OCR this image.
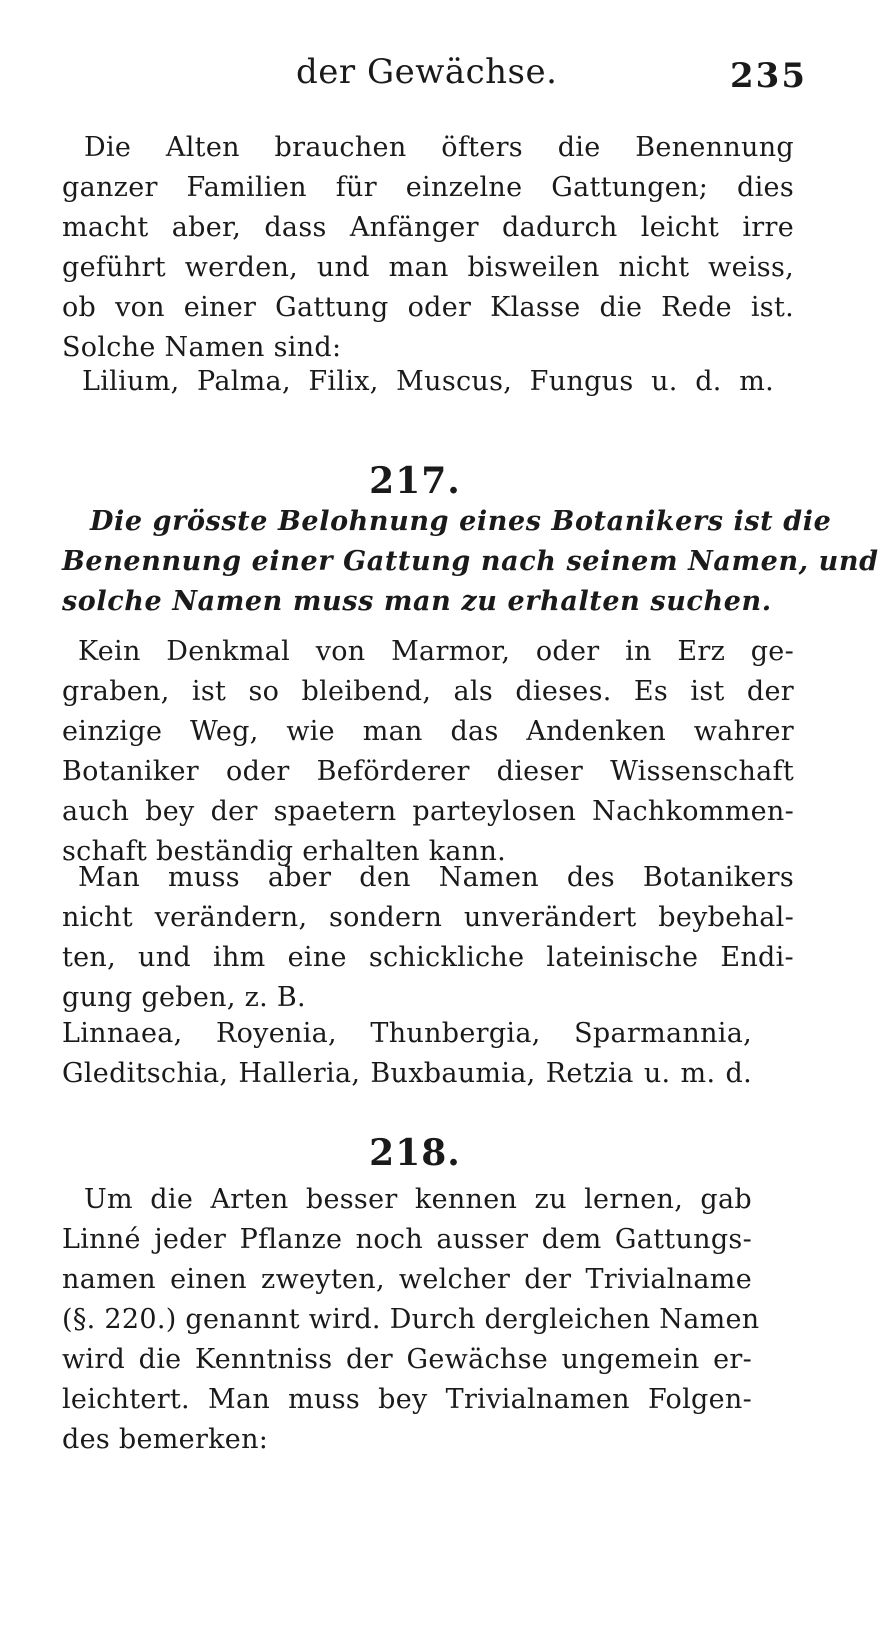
der Gewächse.	235
Die Alten brauchen öfters die Benennung
ganzer Familien für einzelne Gattungen; dies
macht aber, dass Anfänger dadurch leicht irre
geführt werden, und man bisweilen nicht weiss,
ob von einer Gattung oder Klasse die Rede ist.
Solche Namen sind:
Lilium, Palma, Filix, Muscus, Fungus u. d. m.
217.
Die grösste Belohnung eines Botanikers ist die
Benennung einer Gattung nach seinem Namen, und
solche Namen muss man zu erhalten suchen.
Kein Denkmal von Marmor, oder in Erz ge-
graben, ist so bleibend, als dieses. Es ist der
einzige Weg, wie man das Andenken wahrer
Botaniker oder Beförderer dieser Wissenschaft
auch bey der spaetern parteylosen Nachkommen-
schaft beständig erhalten kann.
Man muss aber den Namen des Botanikers
nicht verändern, sondern unverändert beybehal-
ten, und ihm eine schickliche lateinische Endi-
gung geben, z. B.
Linnaea, Royenia, Thunbergia, Sparmannia,
Gleditschia, Halleria, Buxbaumia, Retzia u. m. d.
218.
Um die Arten besser kennen zu lernen, gab
Linné jeder Pflanze noch ausser dem Gattungs-
namen einen zweyten, welcher der Trivialname
(§. 220.) genannt wird. Durch dergleichen Namen
wird die Kenntniss der Gewächse ungemein er-
leichtert. Man muss bey Trivialnamen Folgen-
des bemerken:
